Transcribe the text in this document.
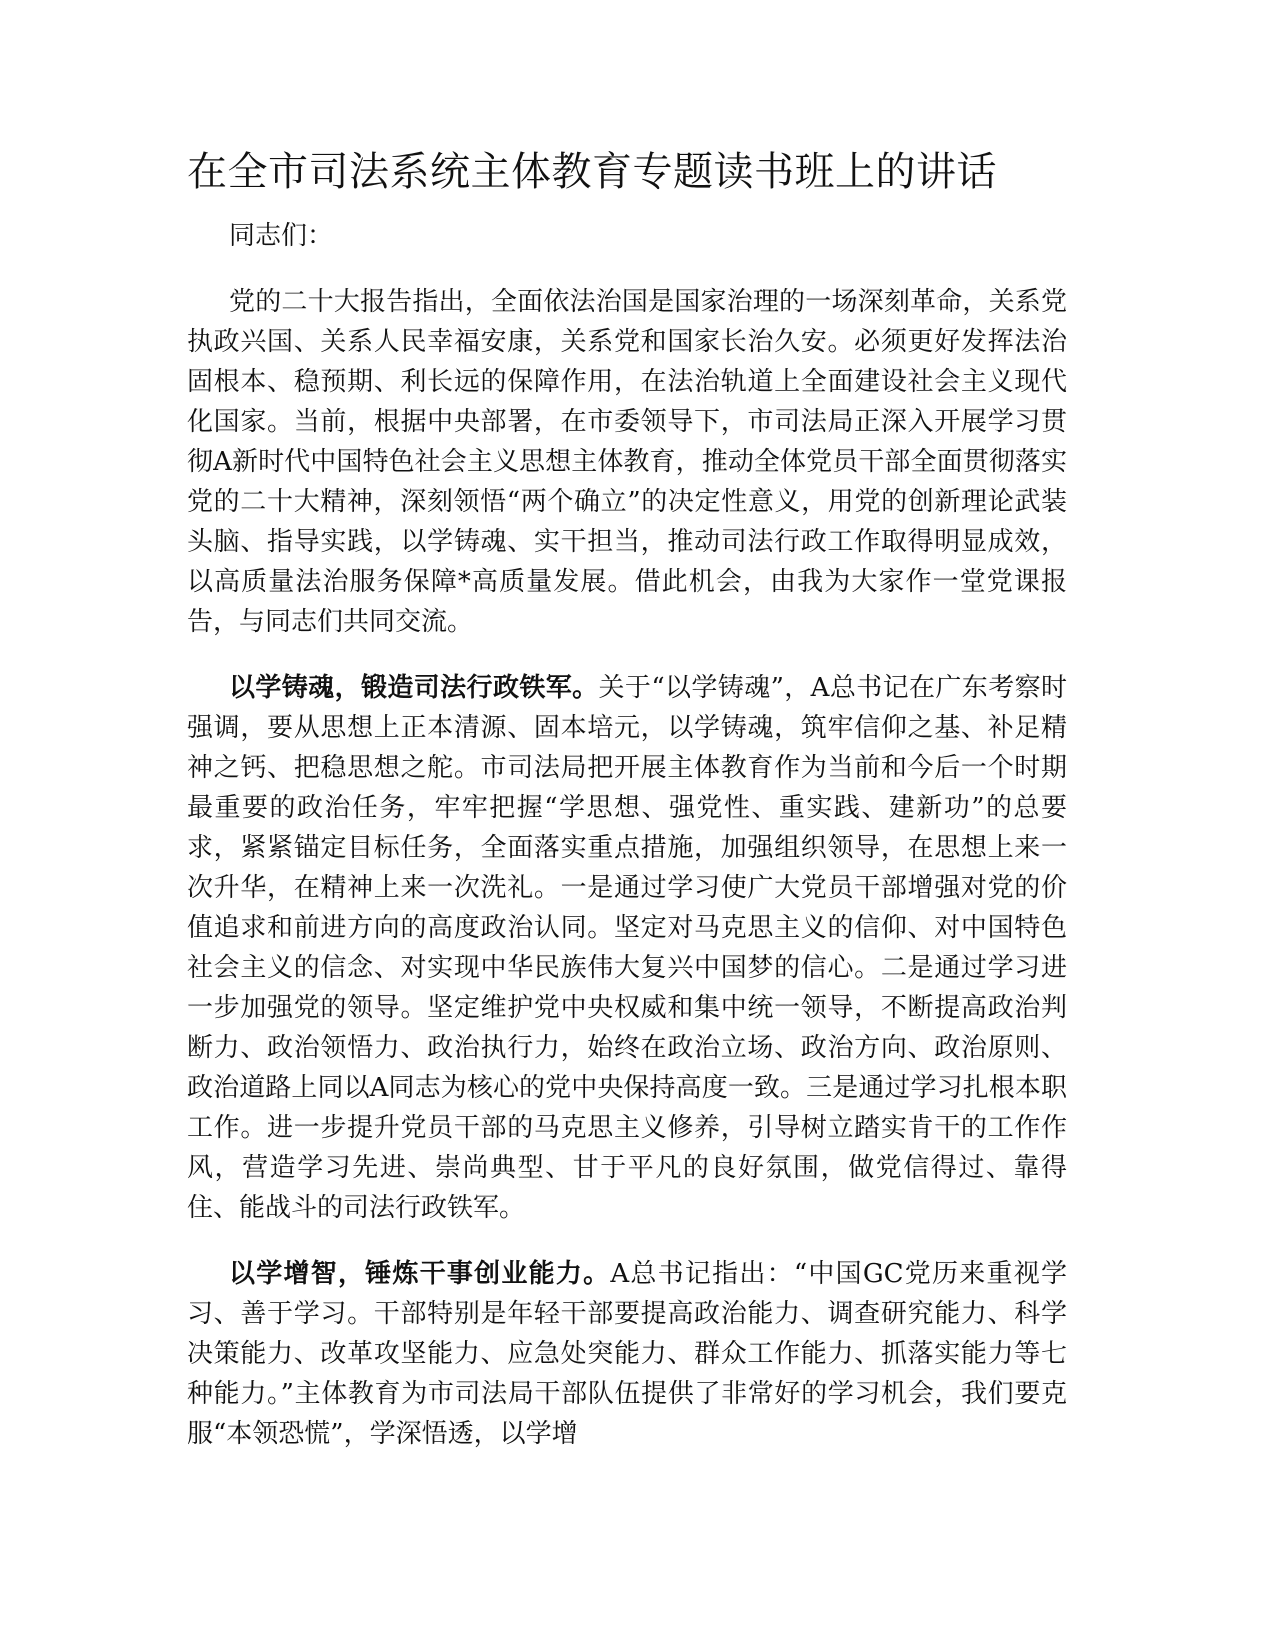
在全市司法系统主体教育专题读书班上的讲话

同志们：

党的二十大报告指出，全面依法治国是国家治理的一场深刻革命，关系党执政兴国、关系人民幸福安康，关系党和国家长治久安。必须更好发挥法治固根本、稳预期、利长远的保障作用，在法治轨道上全面建设社会主义现代化国家。当前，根据中央部署，在市委领导下，市司法局正深入开展学习贯彻A新时代中国特色社会主义思想主体教育，推动全体党员干部全面贯彻落实党的二十大精神，深刻领悟“两个确立”的决定性意义，用党的创新理论武装头脑、指导实践，以学铸魂、实干担当，推动司法行政工作取得明显成效，以高质量法治服务保障*高质量发展。借此机会，由我为大家作一堂党课报告，与同志们共同交流。

以学铸魂，锻造司法行政铁军。关于“以学铸魂”，A总书记在广东考察时强调，要从思想上正本清源、固本培元，以学铸魂，筑牢信仰之基、补足精神之钙、把稳思想之舵。市司法局把开展主体教育作为当前和今后一个时期最重要的政治任务，牢牢把握“学思想、强党性、重实践、建新功”的总要求，紧紧锚定目标任务，全面落实重点措施，加强组织领导，在思想上来一次升华，在精神上来一次洗礼。一是通过学习使广大党员干部增强对党的价值追求和前进方向的高度政治认同。坚定对马克思主义的信仰、对中国特色社会主义的信念、对实现中华民族伟大复兴中国梦的信心。二是通过学习进一步加强党的领导。坚定维护党中央权威和集中统一领导，不断提高政治判断力、政治领悟力、政治执行力，始终在政治立场、政治方向、政治原则、政治道路上同以A同志为核心的党中央保持高度一致。三是通过学习扎根本职工作。进一步提升党员干部的马克思主义修养，引导树立踏实肯干的工作作风，营造学习先进、崇尚典型、甘于平凡的良好氛围，做党信得过、靠得住、能战斗的司法行政铁军。

以学增智，锤炼干事创业能力。A总书记指出：“中国GC党历来重视学习、善于学习。干部特别是年轻干部要提高政治能力、调查研究能力、科学决策能力、改革攻坚能力、应急处突能力、群众工作能力、抓落实能力等七种能力。”主体教育为市司法局干部队伍提供了非常好的学习机会，我们要克服“本领恐慌”，学深悟透，以学增
